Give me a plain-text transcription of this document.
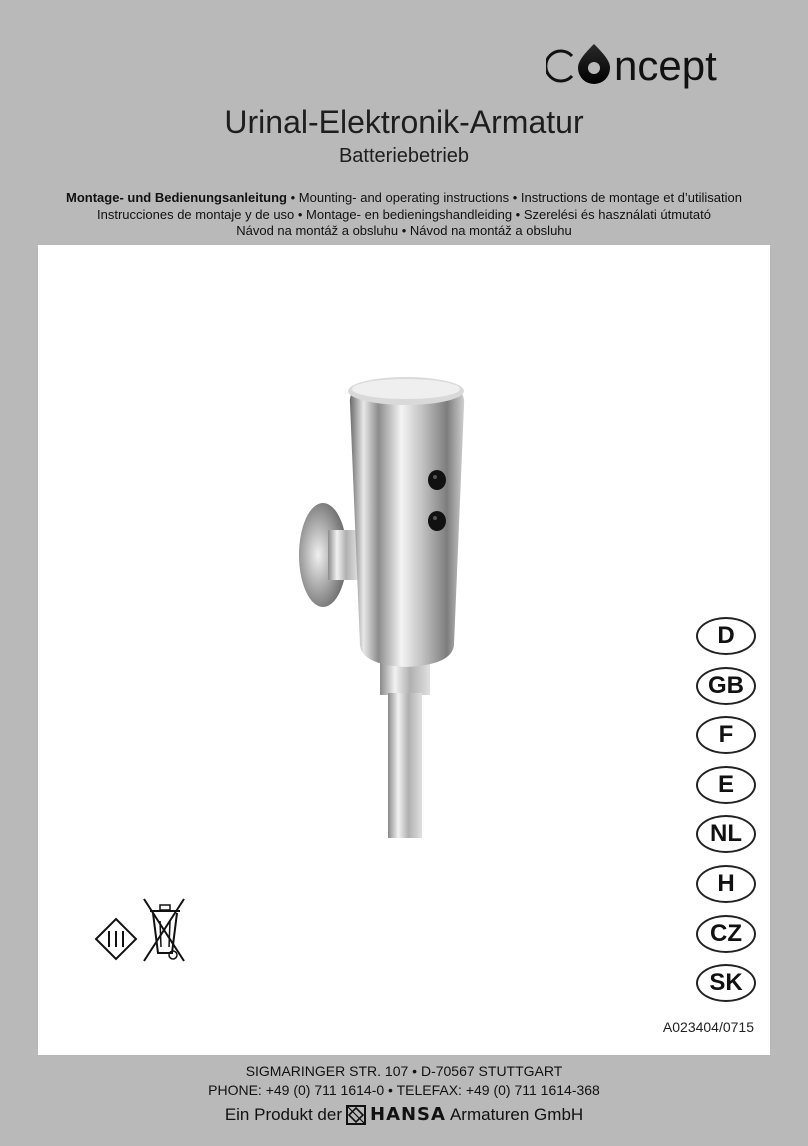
ncept
Urinal-Elektronik-Armatur
Batteriebetrieb
Montage- und Bedienungsanleitung • Mounting- and operating instructions • Instructions de montage et d’utilisation
Instrucciones de montaje y de uso • Montage- en bedieningshandleiding • Szerelési és használati útmutató
Návod na montáž a obsluhu • Návod na montáž a obsluhu
D
GB
F
E
NL
H
CZ
SK
A023404/0715
SIGMARINGER STR. 107 • D-70567 STUTTGART
PHONE: +49 (0) 711 1614-0 • TELEFAX: +49 (0) 711 1614-368
Ein Produkt der HANSA Armaturen GmbH
